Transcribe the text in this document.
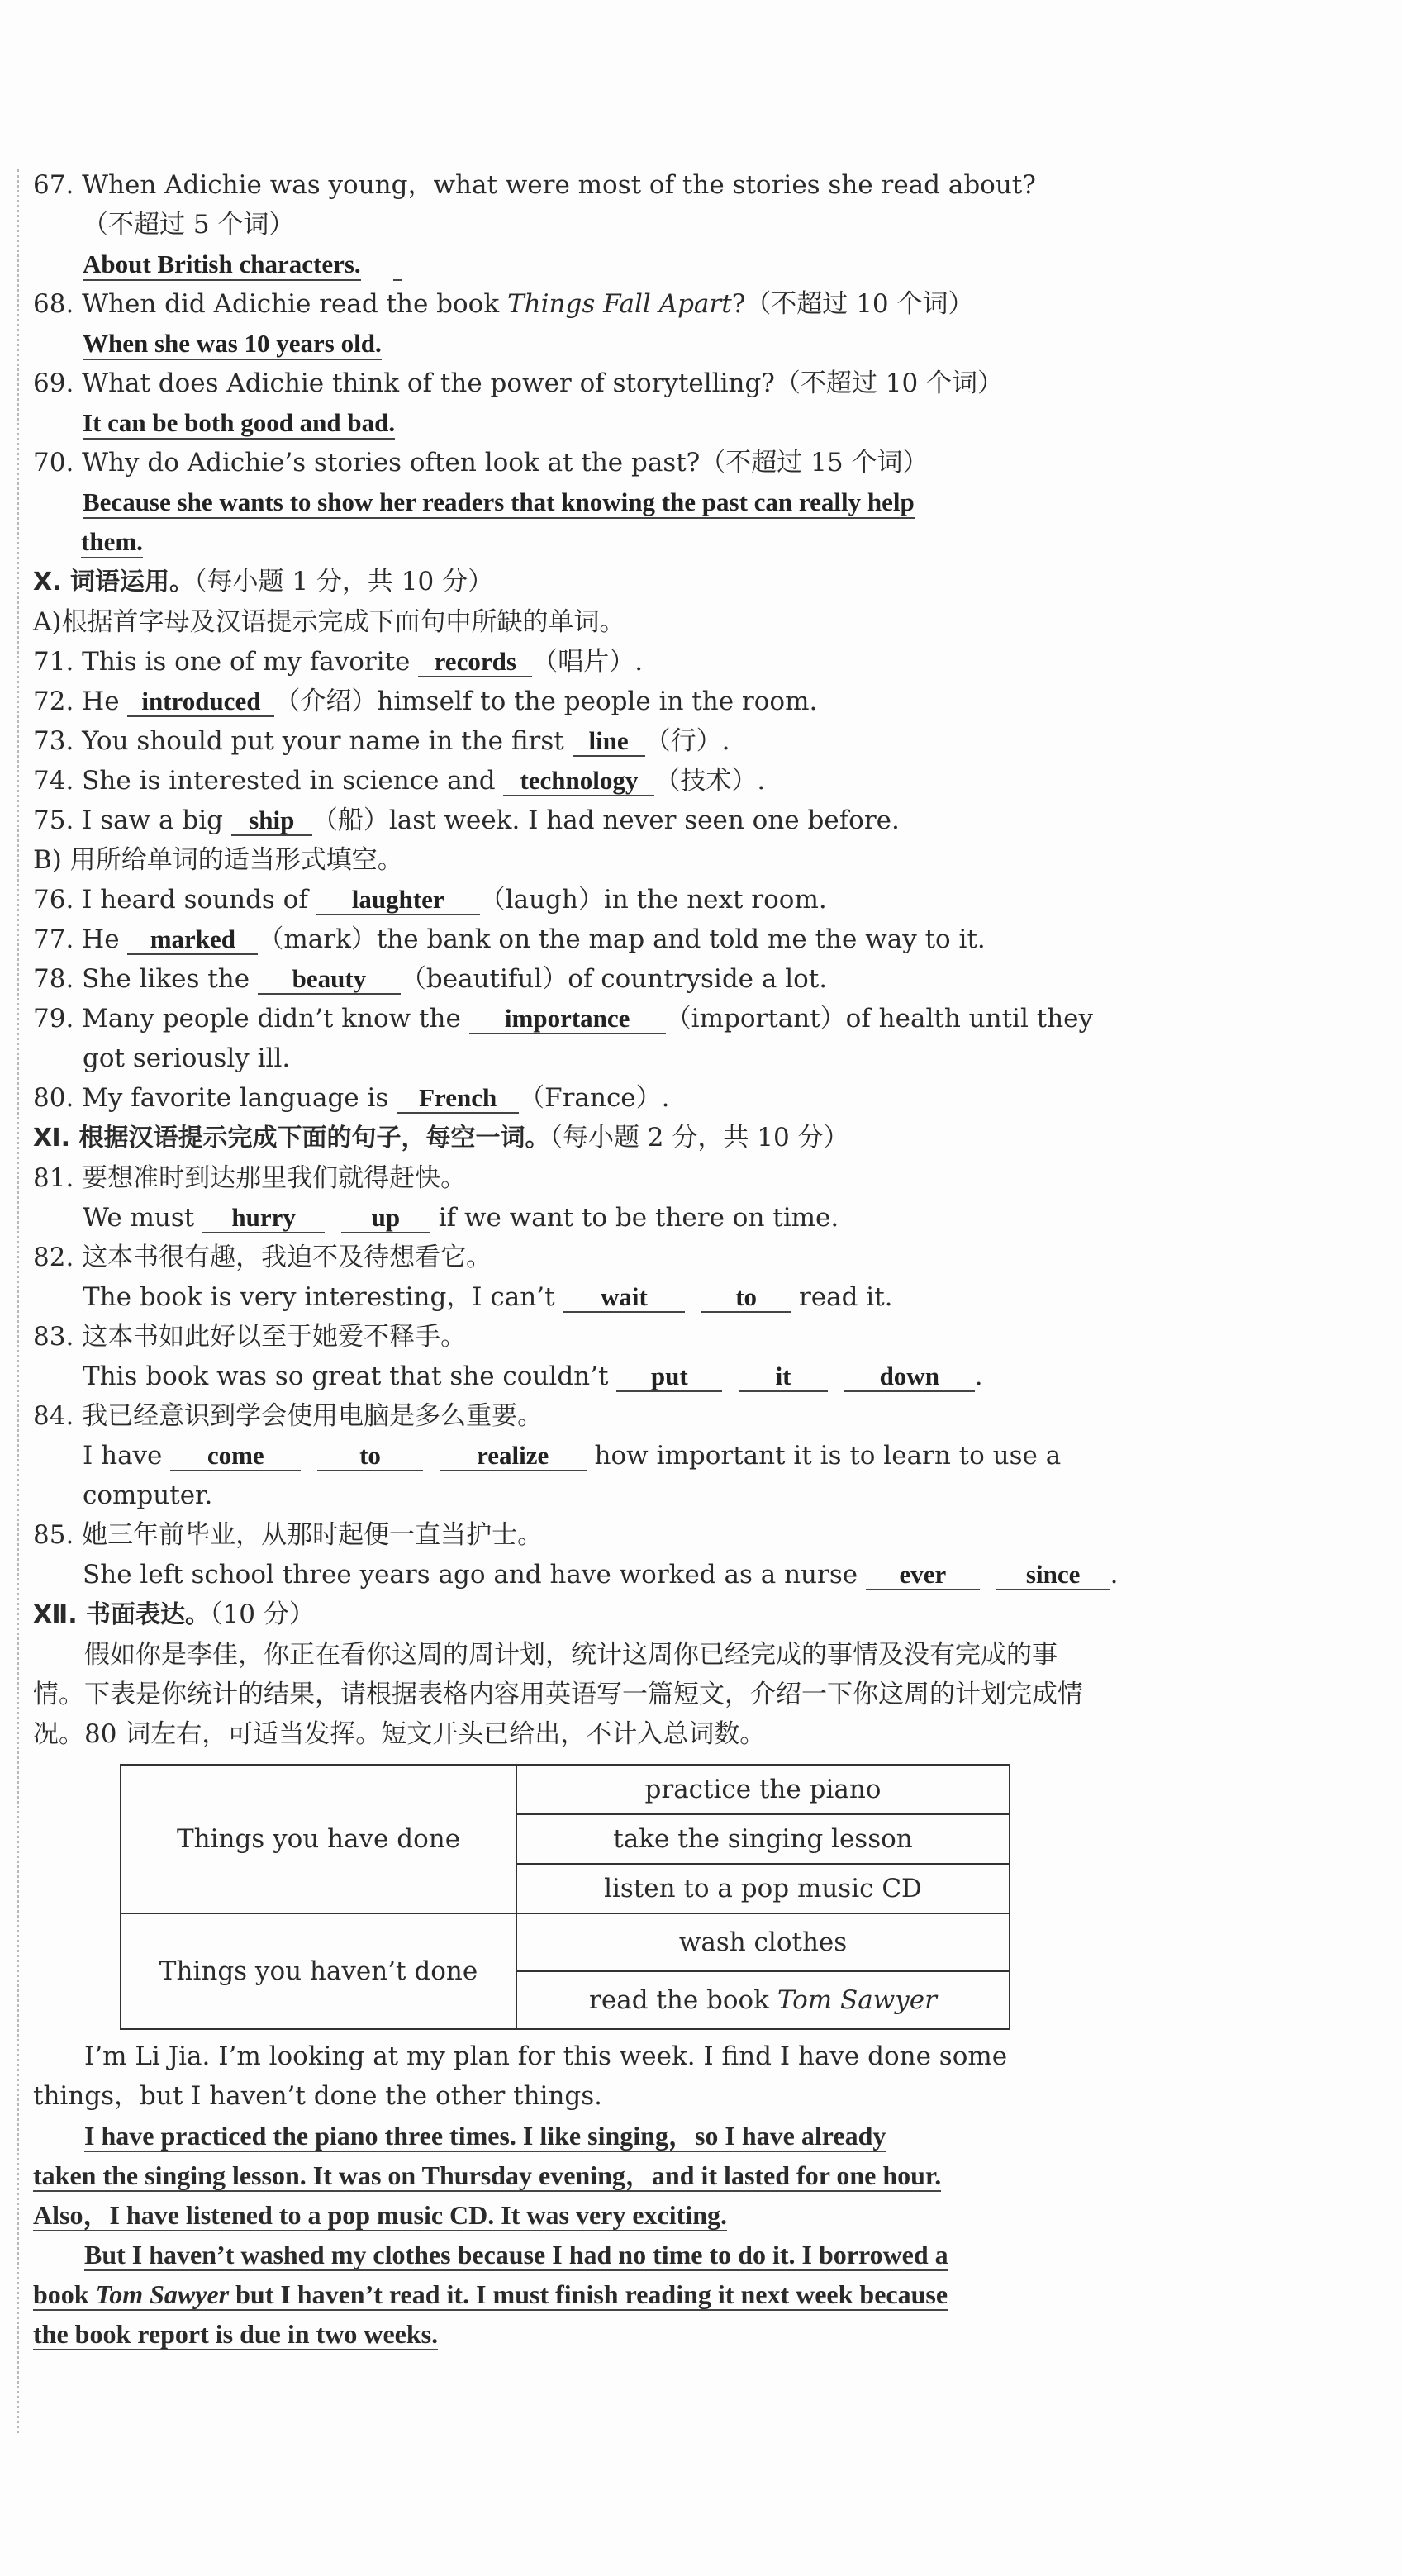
67. When Adichie was young，what were most of the stories she read about?
（不超过 5 个词）
About British characters.
68. When did Adichie read the book Things Fall Apart?（不超过 10 个词）
When she was 10 years old.
69. What does Adichie think of the power of storytelling?（不超过 10 个词）
It can be both good and bad.
70. Why do Adichie’s stories often look at the past?（不超过 15 个词）
Because she wants to show her readers that knowing the past can really help
them.
Ⅹ. 词语运用。（每小题 1 分，共 10 分）
A)根据首字母及汉语提示完成下面句中所缺的单词。
71. This is one of my favorite records （唱片）.
72. He introduced （介绍）himself to the people in the room.
73. You should put your name in the first line （行）.
74. She is interested in science and technology （技术）.
75. I saw a big ship （船）last week. I had never seen one before.
B) 用所给单词的适当形式填空。
76. I heard sounds of laughter （laugh）in the next room.
77. He marked （mark）the bank on the map and told me the way to it.
78. She likes the beauty （beautiful）of countryside a lot.
79. Many people didn’t know the importance （important）of health until they
got seriously ill.
80. My favorite language is French （France）.
Ⅺ. 根据汉语提示完成下面的句子，每空一词。（每小题 2 分，共 10 分）
81. 要想准时到达那里我们就得赶快。
We must hurry	up if we want to be there on time.
82. 这本书很有趣，我迫不及待想看它。
The book is very interesting，I can’t wait	to read it.
83. 这本书如此好以至于她爱不释手。
This book was so great that she couldn’t put	it	down .
84. 我已经意识到学会使用电脑是多么重要。
I have come	to	realize how important it is to learn to use a
computer.
85. 她三年前毕业，从那时起便一直当护士。
She left school three years ago and have worked as a nurse ever	since .
Ⅻ. 书面表达。（10 分）
假如你是李佳，你正在看你这周的周计划，统计这周你已经完成的事情及没有完成的事情。下表是你统计的结果，请根据表格内容用英语写一篇短文，介绍一下你这周的计划完成情况。80 词左右，可适当发挥。短文开头已给出，不计入总词数。
Things you have done	practice the piano
	take the singing lesson
	listen to a pop music CD
Things you haven’t done	wash clothes
	read the book Tom Sawyer
I’m Li Jia. I’m looking at my plan for this week. I find I have done some things，but I haven’t done the other things.
I have practiced the piano three times. I like singing，so I have already
taken the singing lesson. It was on Thursday evening，and it lasted for one hour.
Also，I have listened to a pop music CD. It was very exciting.
But I haven’t washed my clothes because I had no time to do it. I borrowed a
book Tom Sawyer but I haven’t read it. I must finish reading it next week because
the book report is due in two weeks.
